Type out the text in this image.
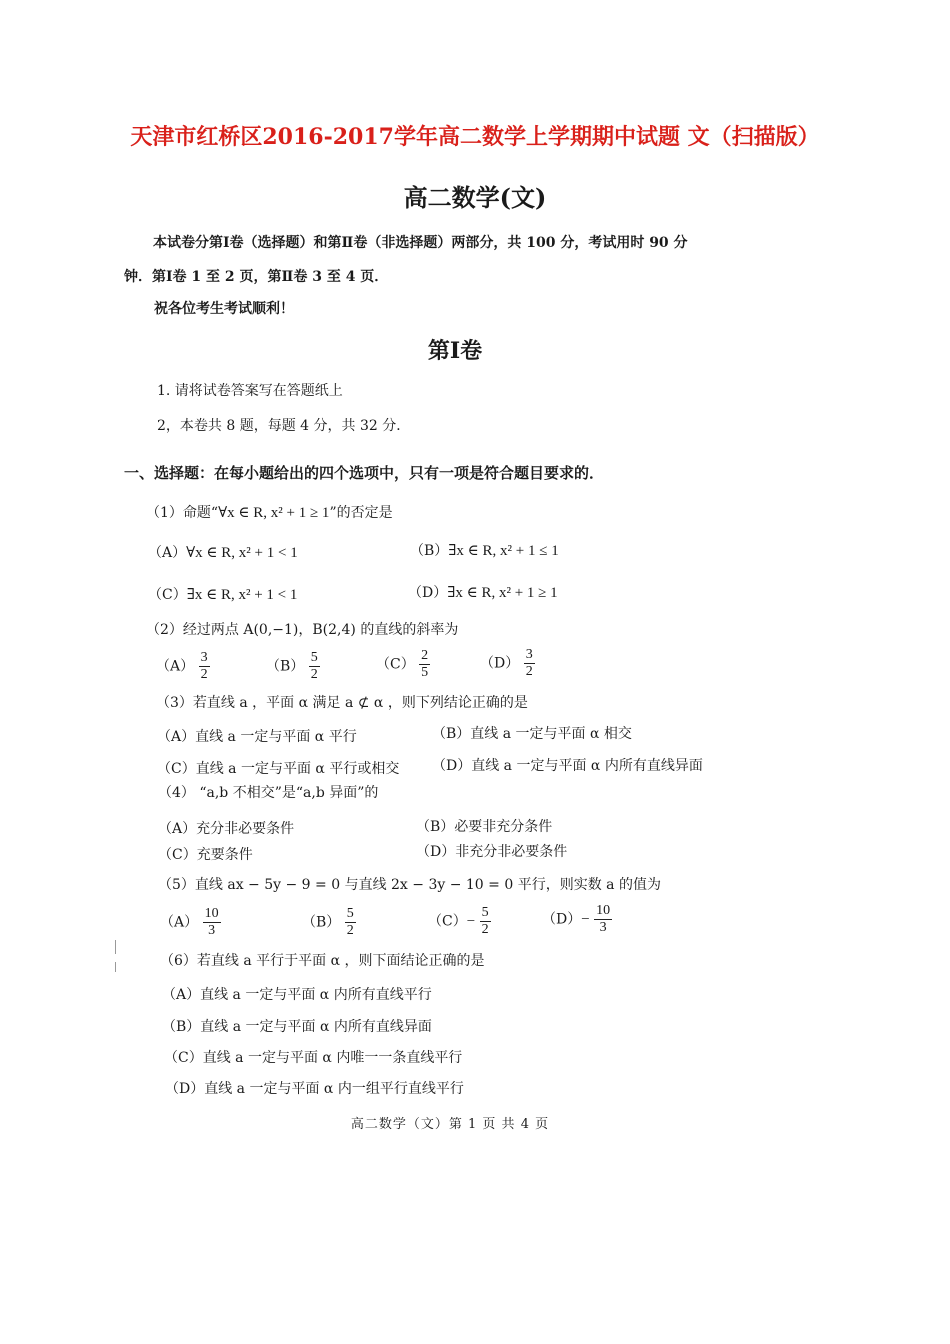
天津市红桥区2016-2017学年高二数学上学期期中试题 文（扫描版）
高二数学(文)
本试卷分第Ⅰ卷（选择题）和第Ⅱ卷（非选择题）两部分，共 100 分，考试用时 90 分
钟．第Ⅰ卷 1 至 2 页，第Ⅱ卷 3 至 4 页．
祝各位考生考试顺利！
第Ⅰ卷
1. 请将试卷答案写在答题纸上
2，本卷共 8 题，每题 4 分，共 32 分．
一、选择题：在每小题给出的四个选项中，只有一项是符合题目要求的．
（1）命题“∀x ∈ R, x² + 1 ≥ 1”的否定是
（A）∀x ∈ R, x² + 1 < 1	（B）∃x ∈ R, x² + 1 ≤ 1
（C）∃x ∈ R, x² + 1 < 1	（D）∃x ∈ R, x² + 1 ≥ 1
（2）经过两点 A(0,−1)，B(2,4) 的直线的斜率为
$(A) \frac{3}{2}$	$(B) \frac{5}{2}$	$(C) \frac{2}{5}$	$(D) \frac{3}{2}$
（3）若直线 a ，平面 α 满足 a ⊄ α ，则下列结论正确的是
（A）直线 a 一定与平面 α 平行	（B）直线 a 一定与平面 α 相交
（C）直线 a 一定与平面 α 平行或相交 （D）直线 a 一定与平面 α 内所有直线异面
（4） “a,b 不相交”是“a,b 异面”的
（A）充分非必要条件	（B）必要非充分条件
（C）充要条件	（D）非充分非必要条件
（5）直线 ax − 5y − 9 = 0 与直线 2x − 3y − 10 = 0 平行，则实数 a 的值为
$(A) \frac{10}{3}$	$(B) \frac{5}{2}$	$(C)- \frac{5}{2}$	$(D)- \frac{10}{3}$
（6）若直线 a 平行于平面 α ，则下面结论正确的是
（A）直线 a 一定与平面 α 内所有直线平行
（B）直线 a 一定与平面 α 内所有直线异面
（C）直线 a 一定与平面 α 内唯一一条直线平行
（D）直线 a 一定与平面 α 内一组平行直线平行
高二数学（文）第 1 页 共 4 页
